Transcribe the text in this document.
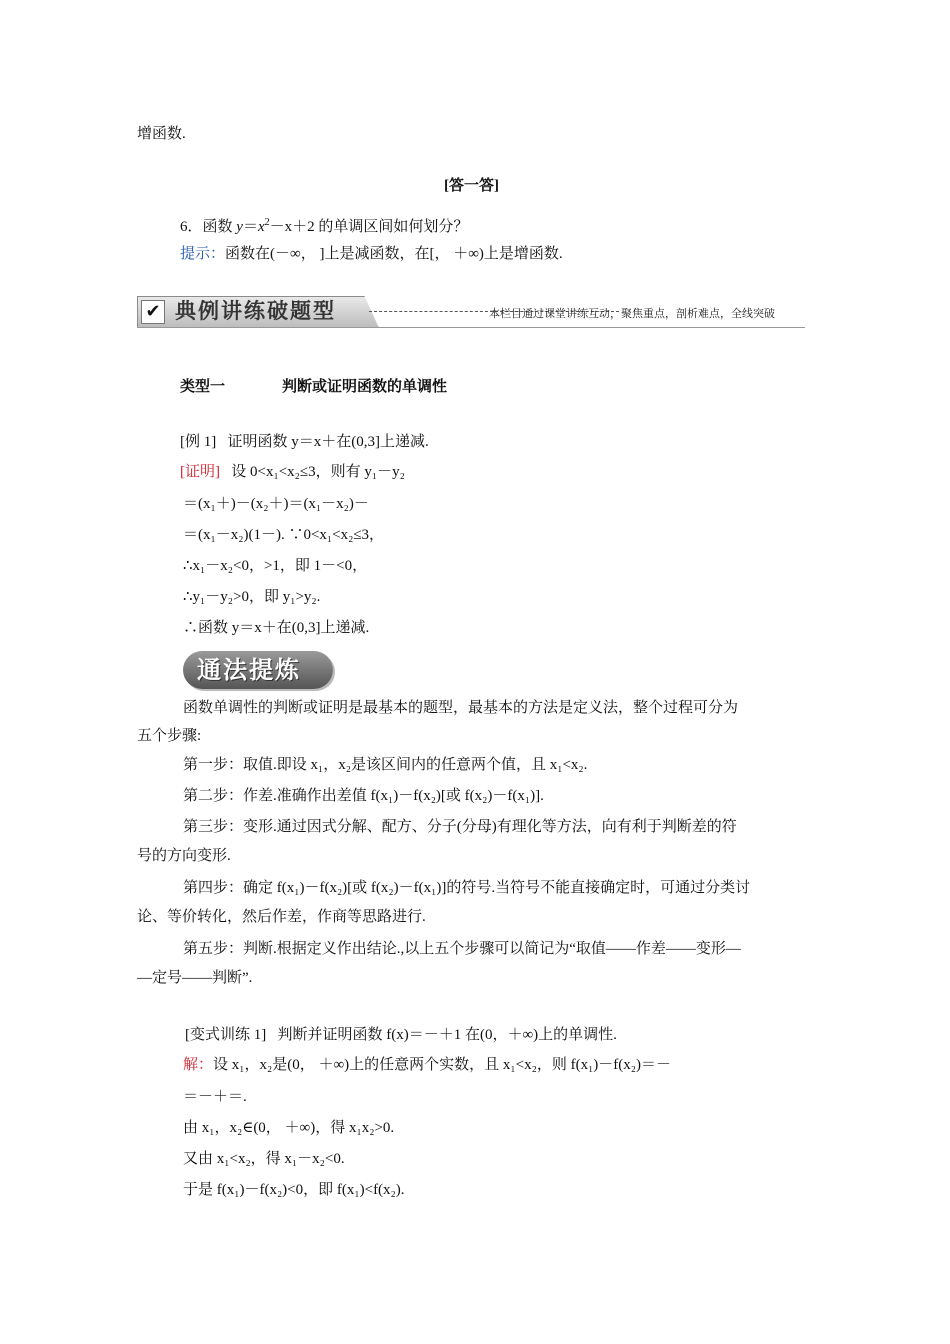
增函数.
[答一答]
6．函数 $y=x^2-x+2$ 的单调区间如何划分？
提示：函数在(－∞， ]上是减函数，在[， ＋∞)上是增函数.
✔ 典例讲练破题型	本栏目通过课堂讲练互动，聚焦重点，剖析难点，全线突破
类型一	判断或证明函数的单调性
[例 1] 证明函数 y＝x＋在(0,3]上递减.
[证明] 设 0<x₁<x₂≤3，则有 y₁－y₂
＝(x₁＋)－(x₂＋)＝(x₁－x₂)－
＝(x₁－x₂)(1－). ∵0<x₁<x₂≤3，
∴x₁－x₂<0，>1，即 1－<0，
∴y₁－y₂>0，即 y₁>y₂.
∴函数 y＝x＋在(0,3]上递减.
通法提炼
函数单调性的判断或证明是最基本的题型，最基本的方法是定义法，整个过程可分为
五个步骤:
第一步：取值.即设 x₁，x₂是该区间内的任意两个值，且 x₁<x₂.
第二步：作差.准确作出差值 f(x₁)－f(x₂)[或 f(x₂)－f(x₁)].
第三步：变形.通过因式分解、配方、分子(分母)有理化等方法，向有利于判断差的符
号的方向变形.
第四步：确定 f(x₁)－f(x₂)[或 f(x₂)－f(x₁)]的符号.当符号不能直接确定时，可通过分类讨
论、等价转化，然后作差，作商等思路进行.
第五步：判断.根据定义作出结论.,以上五个步骤可以简记为“取值——作差——变形—
—定号——判断”.
[变式训练 1] 判断并证明函数 f(x)＝－＋1 在(0，＋∞)上的单调性.
解：设 x₁，x₂是(0， ＋∞)上的任意两个实数，且 x₁<x₂，则 f(x₁)－f(x₂)＝－
＝－＋＝.
由 x₁，x₂∈(0， ＋∞)，得 x₁x₂>0.
又由 x₁<x₂，得 x₁－x₂<0.
于是 f(x₁)－f(x₂)<0，即 f(x₁)<f(x₂).
